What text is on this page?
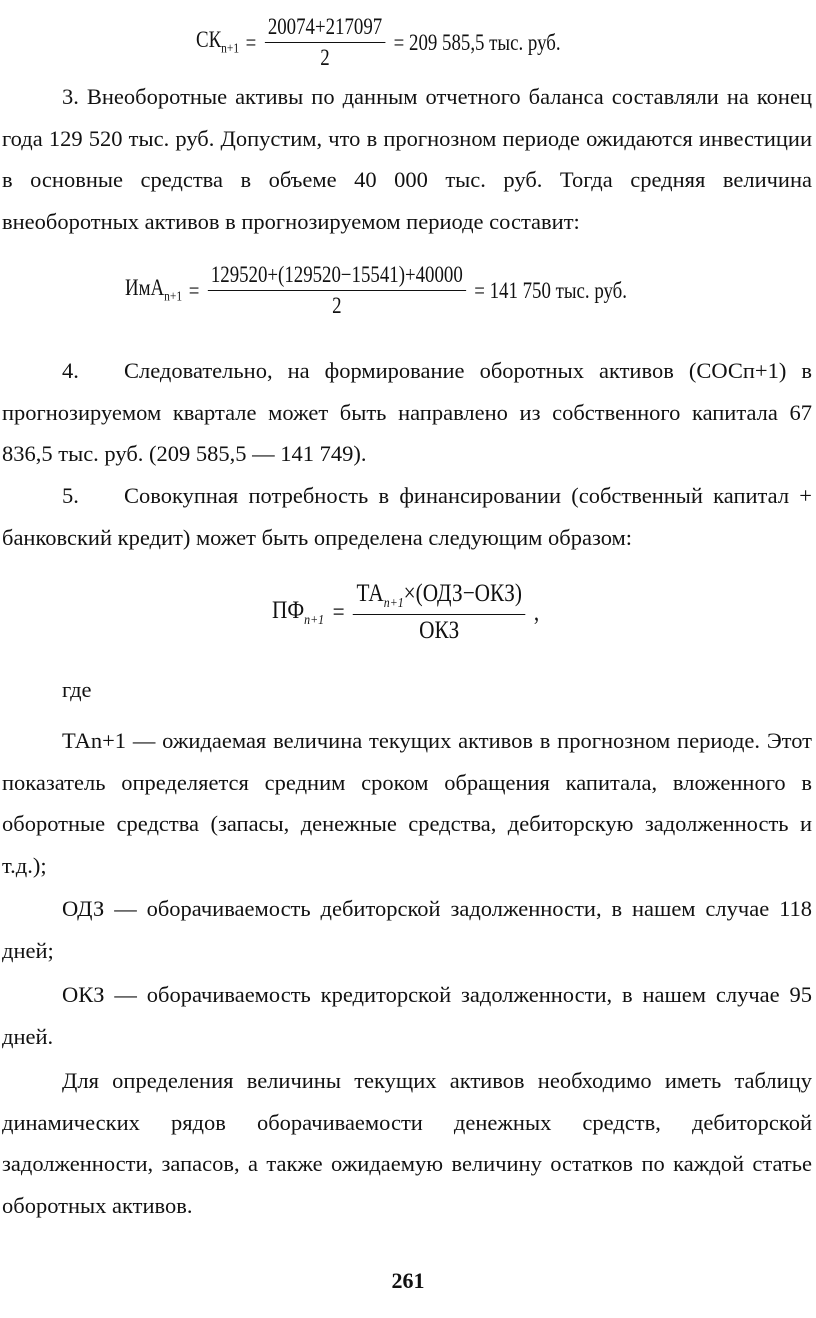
$СК_{n+1} = \frac{20074+217097}{2} = 209$ 585,5 тыс. руб.

3. Внеоборотные активы по данным отчетного баланса составляли на конец года 129 520 тыс. руб. Допустим, что в прогнозном периоде ожидаются инвестиции в основные средства в объеме 40 000 тыс. руб. Тогда средняя величина внеоборотных активов в прогнозируемом периоде составит:

$ИмА_{n+1} = \frac{129520+(129520-15541)+40000}{2} = 141$ 750 тыс. руб.

4. Следовательно, на формирование оборотных активов (СОСп+1) в прогнозируемом квартале может быть направлено из собственного капитала 67 836,5 тыс. руб. (209 585,5 — 141 749).

5. Совокупная потребность в финансировании (собственный капитал + банковский кредит) может быть определена следующим образом:

$ПФ_{n+1} = \frac{ТА_{n+1}\times(ОДЗ-ОКЗ)}{\text{ОКЗ}}$ ,

где

ТАn+1 — ожидаемая величина текущих активов в прогнозном периоде. Этот показатель определяется средним сроком обращения капитала, вложенного в оборотные средства (запасы, денежные средства, дебиторскую задолженность и т.д.);

ОДЗ — оборачиваемость дебиторской задолженности, в нашем случае 118 дней;

ОКЗ — оборачиваемость кредиторской задолженности, в нашем случае 95 дней.

Для определения величины текущих активов необходимо иметь таблицу динамических рядов оборачиваемости денежных средств, дебиторской задолженности, запасов, а также ожидаемую величину остатков по каждой статье оборотных активов.

261
